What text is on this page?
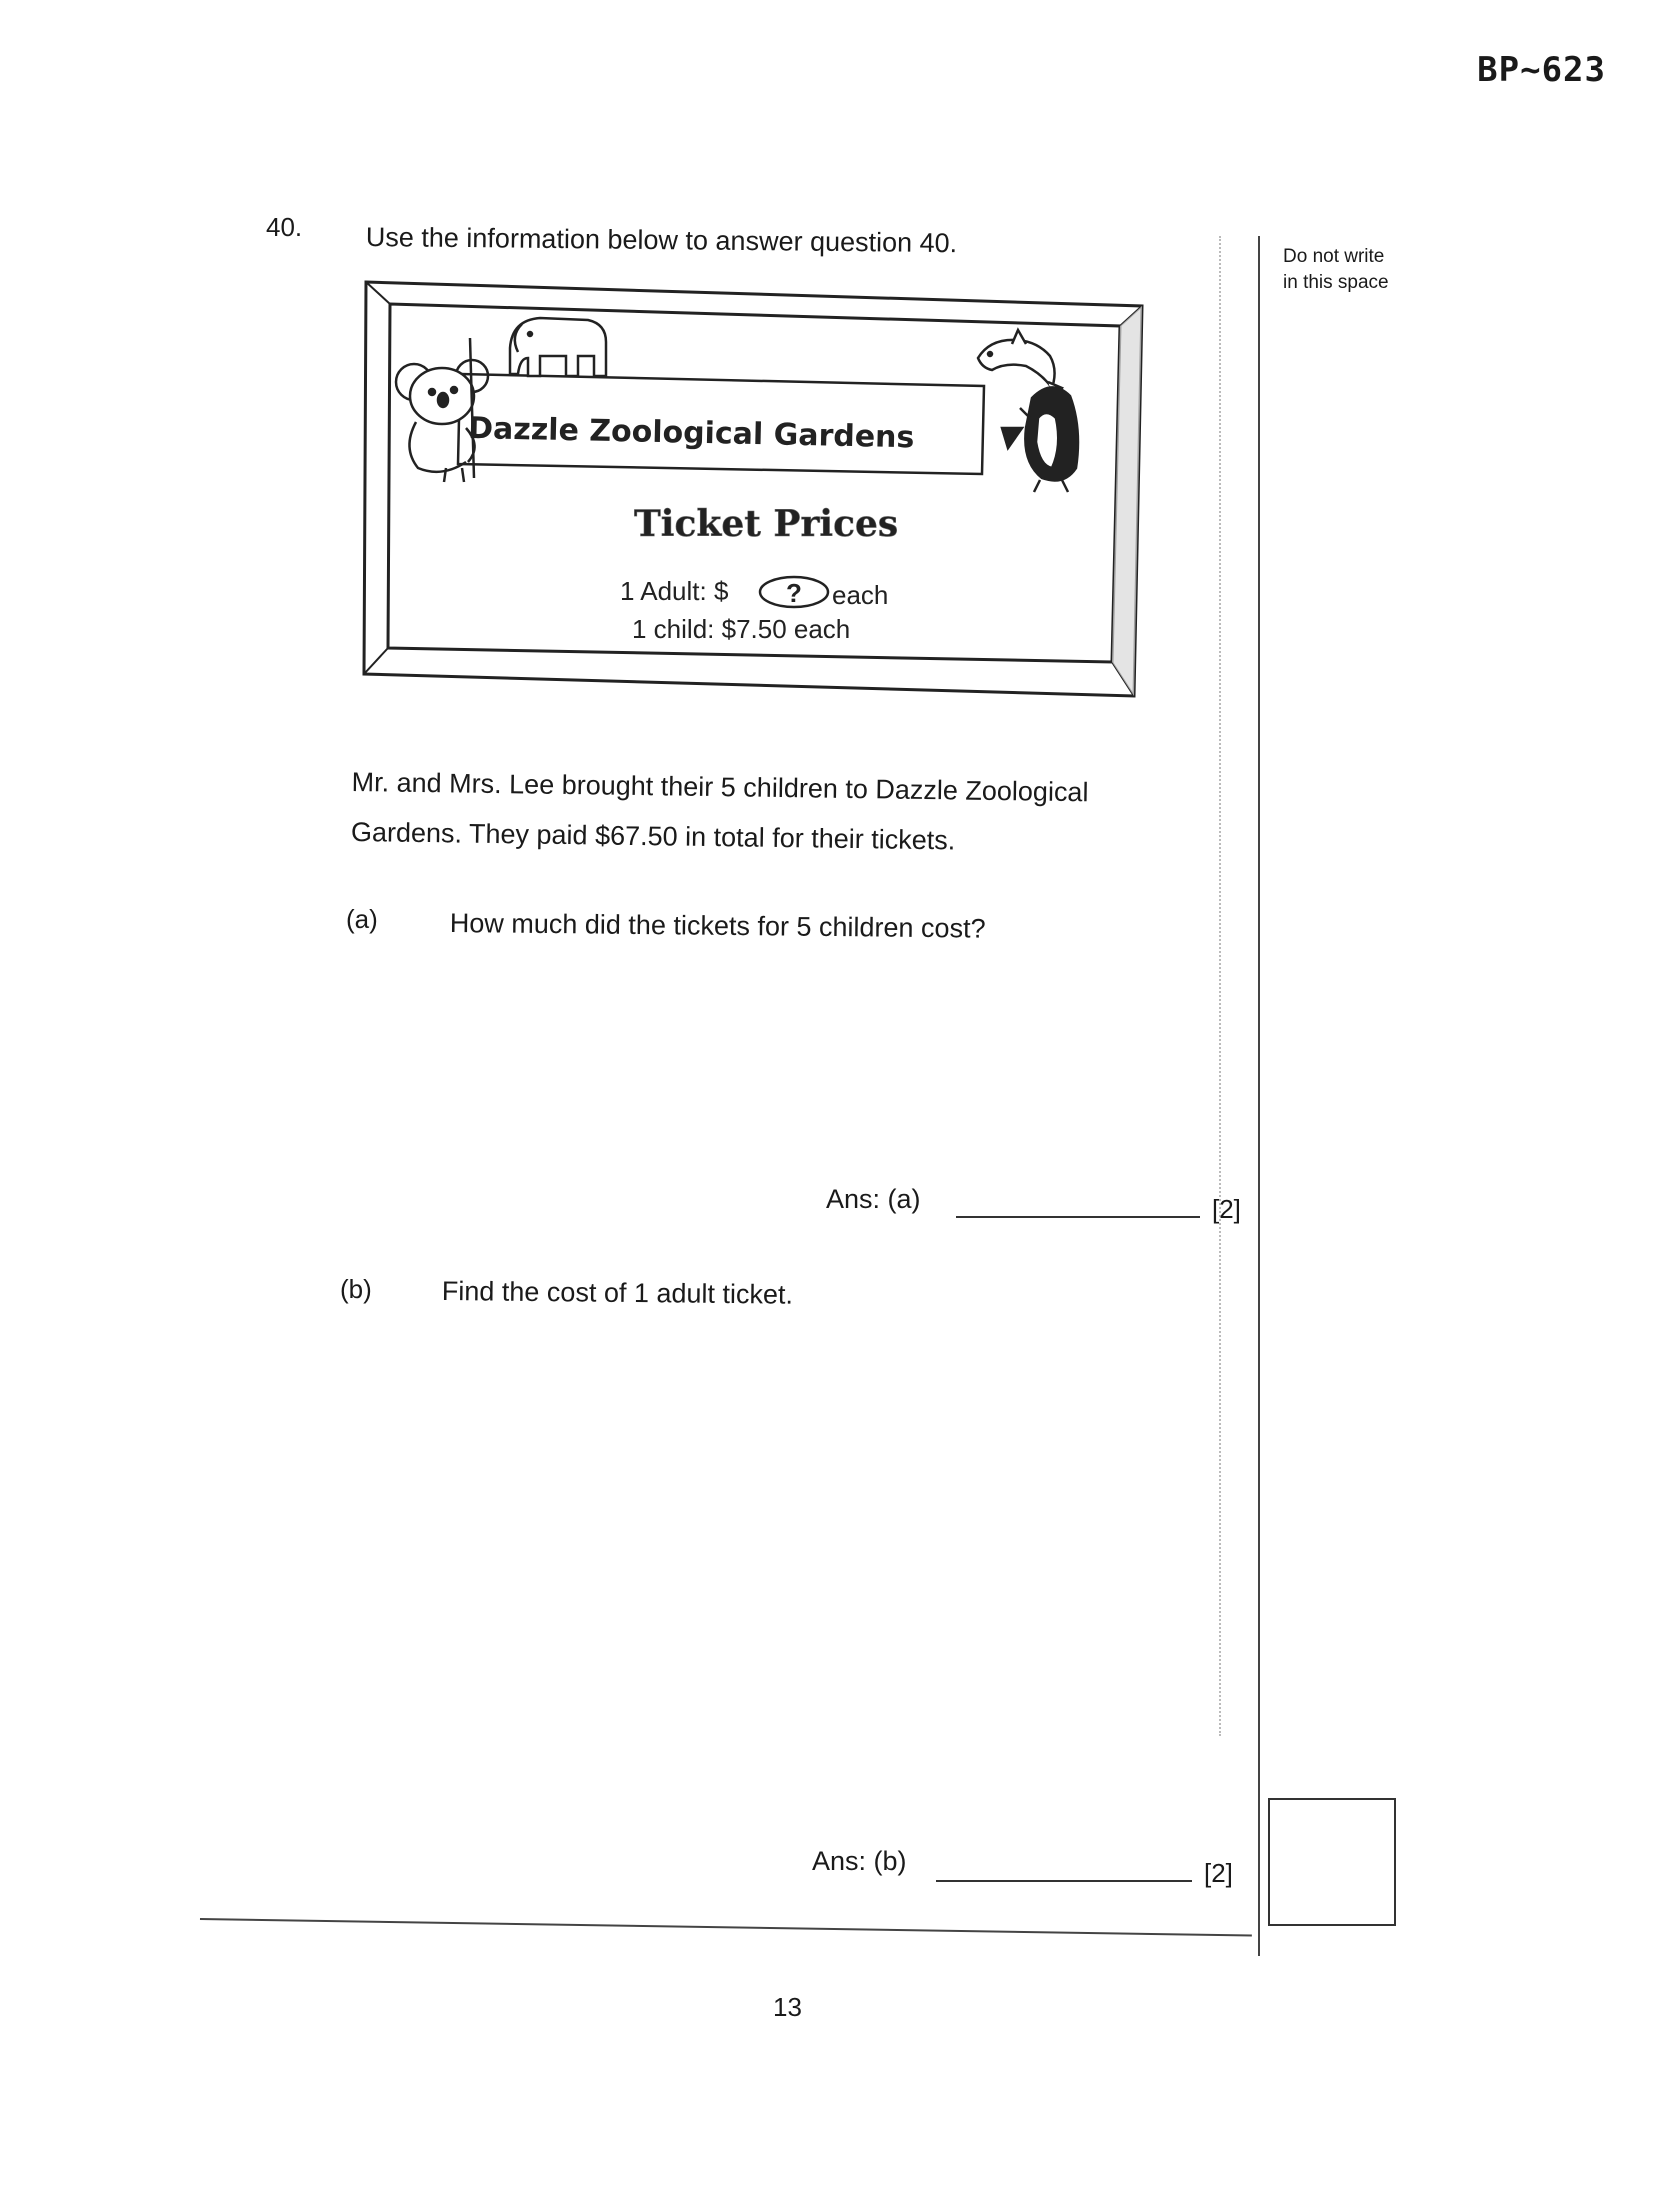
BP~623
40. Use the information below to answer question 40.	Do not write
in this space
Dazzle Zoological Gardens
Ticket Prices
1 Adult: $ ? each
1 child: $7.50 each
Mr. and Mrs. Lee brought their 5 children to Dazzle Zoological
Gardens. They paid $67.50 in total for their tickets.
(a)	How much did the tickets for 5 children cost?
Ans: (a)	[2]
(b)	Find the cost of 1 adult ticket.
Ans: (b)	[2]
13
